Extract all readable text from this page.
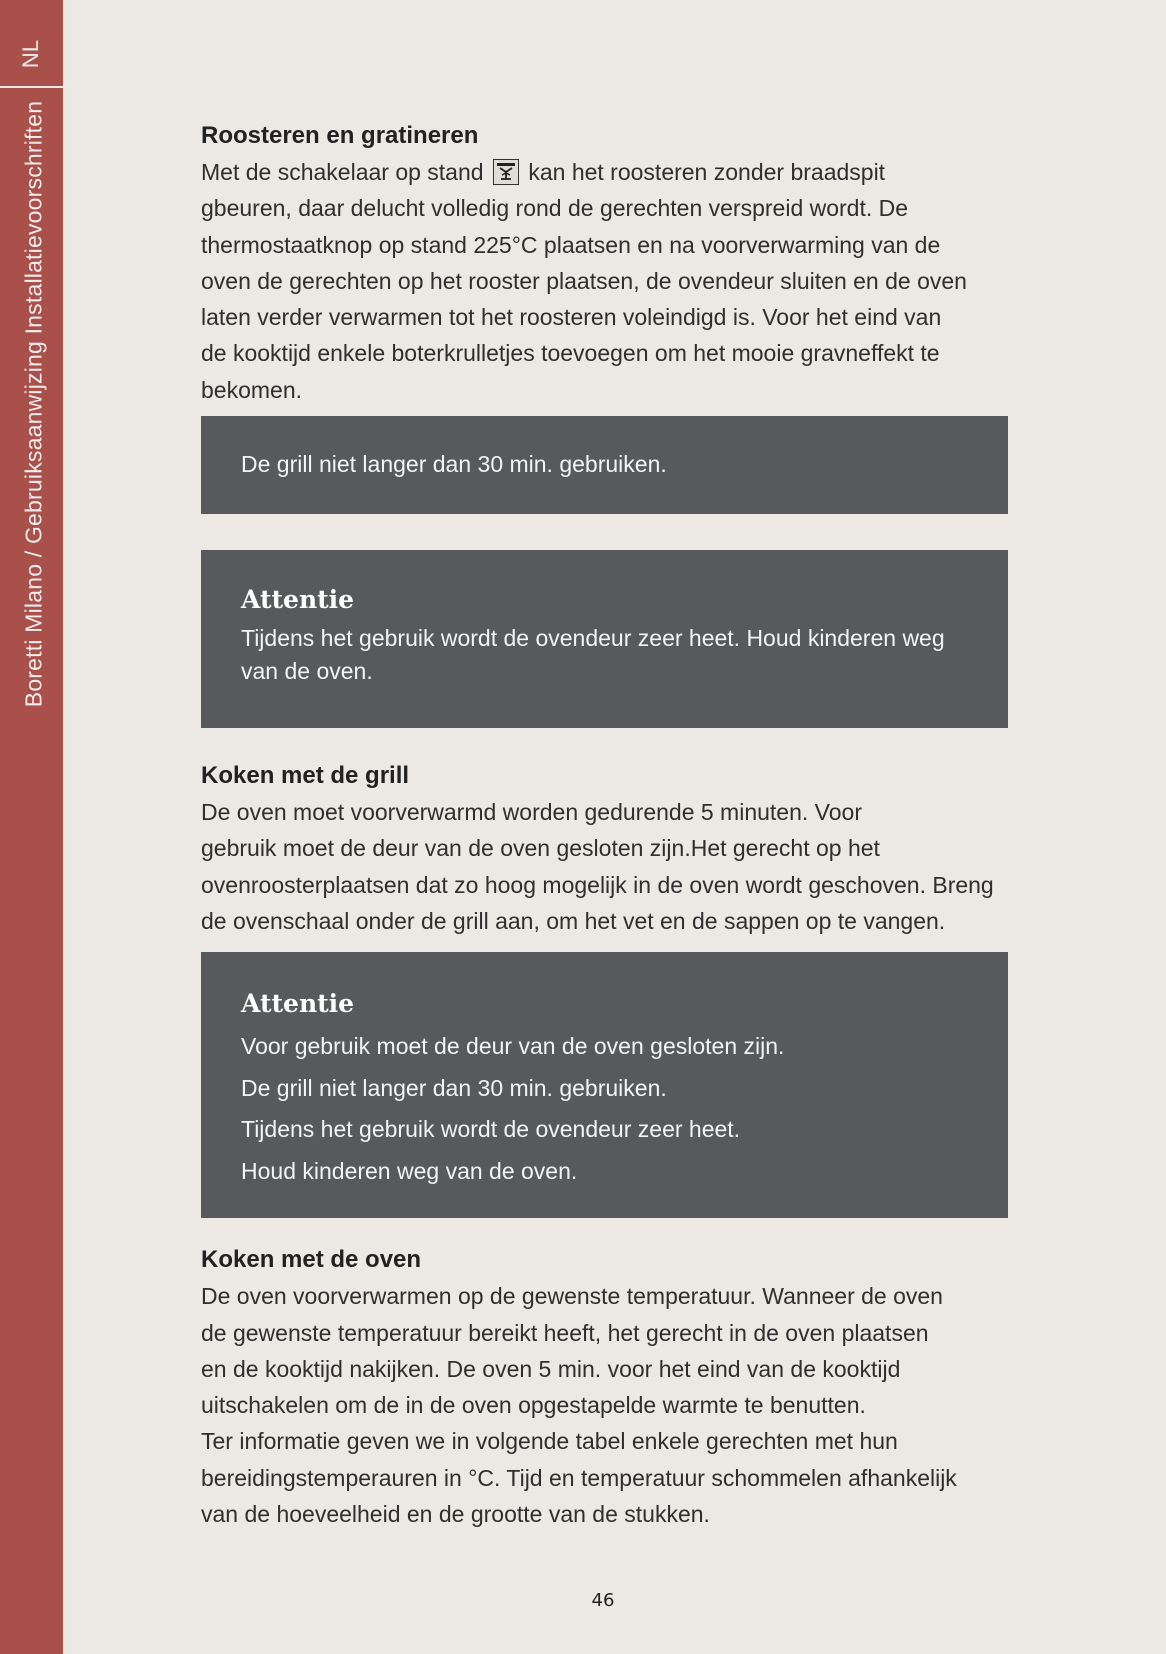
NL
Boretti Milano / Gebruiksaanwijzing Installatievoorschriften	Roosteren en gratineren

Met de schakelaar op stand kan het roosteren zonder braadspit

gbeuren, daar delucht volledig rond de gerechten verspreid wordt. De

thermostaatknop op stand 225°C plaatsen en na voorverwarming van de

oven de gerechten op het rooster plaatsen, de ovendeur sluiten en de oven

laten verder verwarmen tot het roosteren voleindigd is. Voor het eind van

de kooktijd enkele boterkrulletjes toevoegen om het mooie gravneffekt te

bekomen.

De grill niet langer dan 30 min. gebruiken.
Attentie
Tijdens het gebruik wordt de ovendeur zeer heet. Houd kinderen weg
van de oven.
Koken met de grill

De oven moet voorverwarmd worden gedurende 5 minuten. Voor

gebruik moet de deur van de oven gesloten zijn.Het gerecht op het

ovenroosterplaatsen dat zo hoog mogelijk in de oven wordt geschoven. Breng

de ovenschaal onder de grill aan, om het vet en de sappen op te vangen.

Attentie
Voor gebruik moet de deur van de oven gesloten zijn.
De grill niet langer dan 30 min. gebruiken.
Tijdens het gebruik wordt de ovendeur zeer heet.
Houd kinderen weg van de oven.
Koken met de oven

De oven voorverwarmen op de gewenste temperatuur. Wanneer de oven

de gewenste temperatuur bereikt heeft, het gerecht in de oven plaatsen

en de kooktijd nakijken. De oven 5 min. voor het eind van de kooktijd

uitschakelen om de in de oven opgestapelde warmte te benutten.

Ter informatie geven we in volgende tabel enkele gerechten met hun

bereidingstemperauren in °C. Tijd en temperatuur schommelen afhankelijk

van de hoeveelheid en de grootte van de stukken.

46
